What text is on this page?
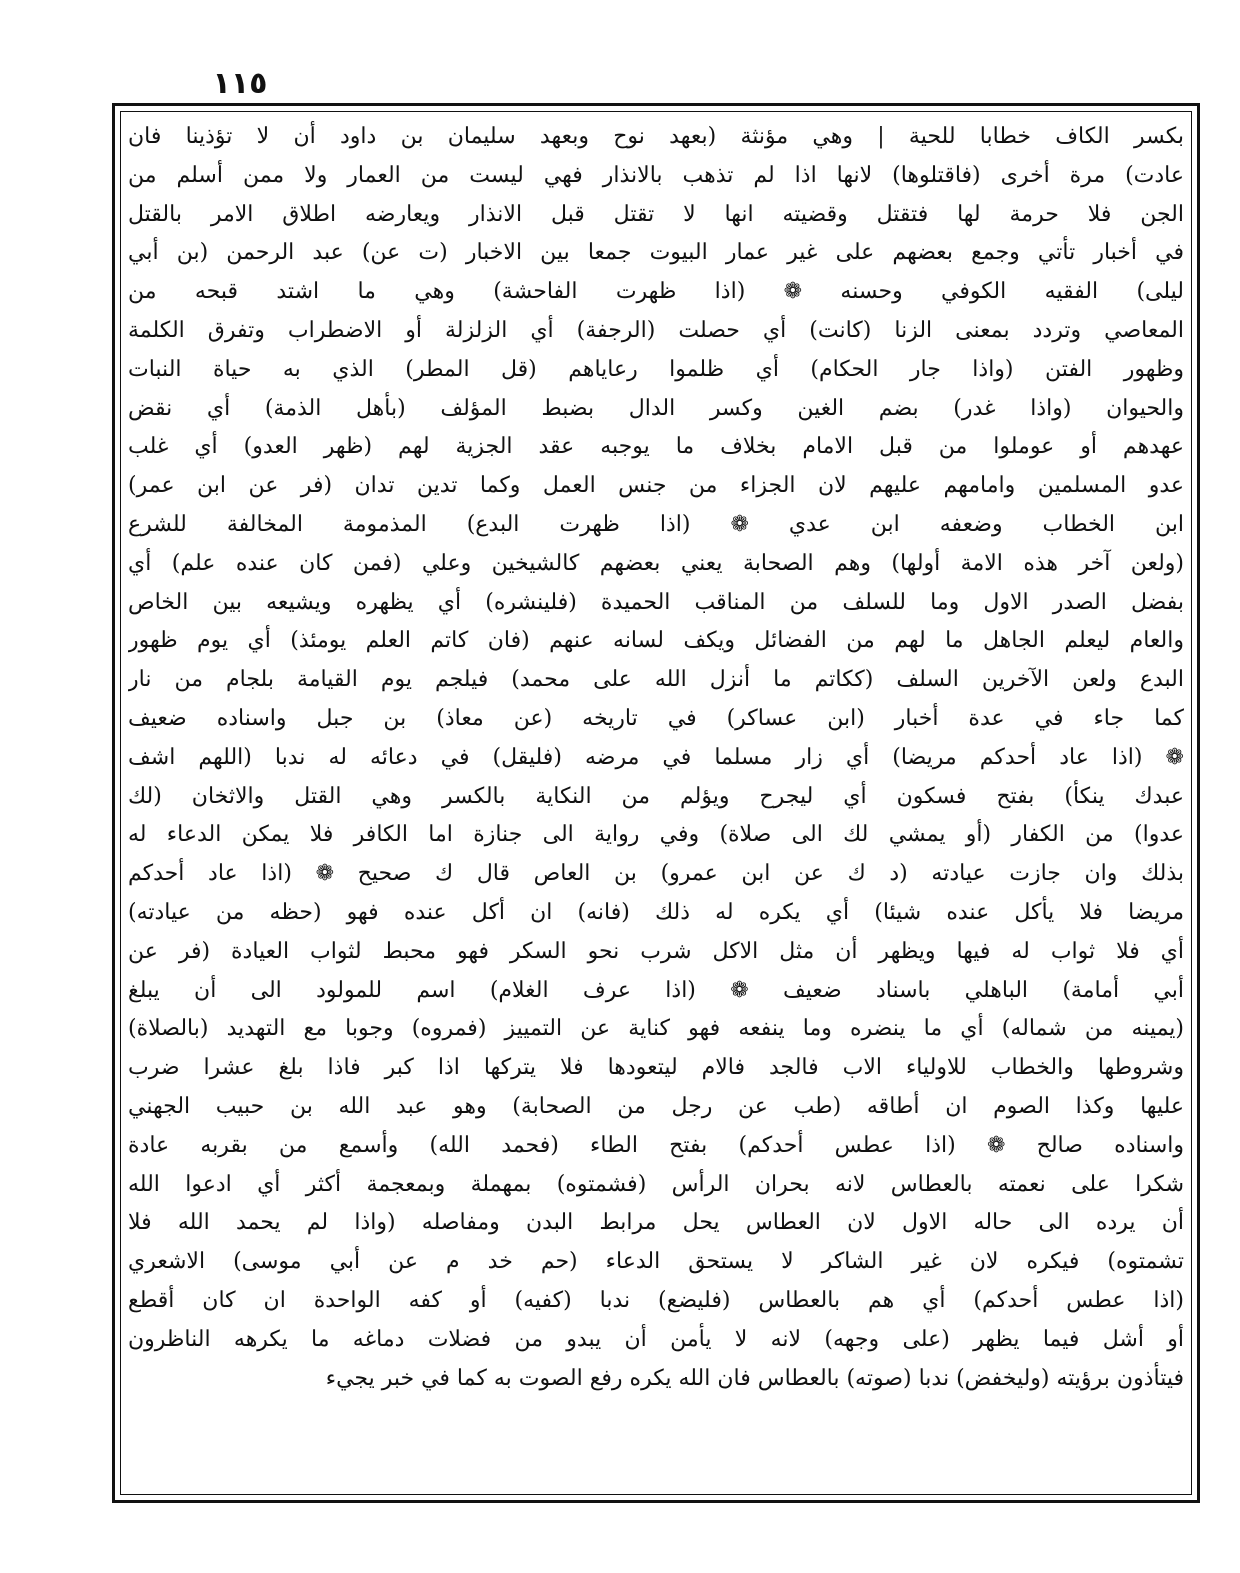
١١٥
بكسر الكاف خطابا للحية | وهي مؤنثة (بعهد نوح وبعهد سليمان بن داود أن لا تؤذينا فان
عادت) مرة أخرى (فاقتلوها) لانها اذا لم تذهب بالانذار فهي ليست من العمار ولا ممن أسلم من
الجن فلا حرمة لها فتقتل وقضيته انها لا تقتل قبل الانذار ويعارضه اطلاق الامر بالقتل
في أخبار تأتي وجمع بعضهم على غير عمار البيوت جمعا بين الاخبار (ت عن) عبد الرحمن (بن أبي
ليلى) الفقيه الكوفي وحسنه ❁ (اذا ظهرت الفاحشة) وهي ما اشتد قبحه من
المعاصي وتردد بمعنى الزنا (كانت) أي حصلت (الرجفة) أي الزلزلة أو الاضطراب وتفرق الكلمة
وظهور الفتن (واذا جار الحكام) أي ظلموا رعاياهم (قل المطر) الذي به حياة النبات
والحيوان (واذا غدر) بضم الغين وكسر الدال بضبط المؤلف (بأهل الذمة) أي نقض
عهدهم أو عوملوا من قبل الامام بخلاف ما يوجبه عقد الجزية لهم (ظهر العدو) أي غلب
عدو المسلمين وامامهم عليهم لان الجزاء من جنس العمل وكما تدين تدان (فر عن ابن عمر)
ابن الخطاب وضعفه ابن عدي ❁ (اذا ظهرت البدع) المذمومة المخالفة للشرع
(ولعن آخر هذه الامة أولها) وهم الصحابة يعني بعضهم كالشيخين وعلي (فمن كان عنده علم) أي
بفضل الصدر الاول وما للسلف من المناقب الحميدة (فلينشره) أي يظهره ويشيعه بين الخاص
والعام ليعلم الجاهل ما لهم من الفضائل ويكف لسانه عنهم (فان كاتم العلم يومئذ) أي يوم ظهور
البدع ولعن الآخرين السلف (ككاتم ما أنزل الله على محمد) فيلجم يوم القيامة بلجام من نار
كما جاء في عدة أخبار (ابن عساكر) في تاريخه (عن معاذ) بن جبل واسناده ضعيف
❁ (اذا عاد أحدكم مريضا) أي زار مسلما في مرضه (فليقل) في دعائه له ندبا (اللهم اشف
عبدك ينكأ) بفتح فسكون أي ليجرح ويؤلم من النكاية بالكسر وهي القتل والاثخان (لك
عدوا) من الكفار (أو يمشي لك الى صلاة) وفي رواية الى جنازة اما الكافر فلا يمكن الدعاء له
بذلك وان جازت عيادته (د ك عن ابن عمرو) بن العاص قال ك صحيح ❁ (اذا عاد أحدكم
مريضا فلا يأكل عنده شيئا) أي يكره له ذلك (فانه) ان أكل عنده فهو (حظه من عيادته)
أي فلا ثواب له فيها ويظهر أن مثل الاكل شرب نحو السكر فهو محبط لثواب العيادة (فر عن
أبي أمامة) الباهلي باسناد ضعيف ❁ (اذا عرف الغلام) اسم للمولود الى أن يبلغ
(يمينه من شماله) أي ما ينضره وما ينفعه فهو كناية عن التمييز (فمروه) وجوبا مع التهديد (بالصلاة)
وشروطها والخطاب للاولياء الاب فالجد فالام ليتعودها فلا يتركها اذا كبر فاذا بلغ عشرا ضرب
عليها وكذا الصوم ان أطاقه (طب عن رجل من الصحابة) وهو عبد الله بن حبيب الجهني
واسناده صالح ❁ (اذا عطس أحدكم) بفتح الطاء (فحمد الله) وأسمع من بقربه عادة
شكرا على نعمته بالعطاس لانه بحران الرأس (فشمتوه) بمهملة وبمعجمة أكثر أي ادعوا الله
أن يرده الى حاله الاول لان العطاس يحل مرابط البدن ومفاصله (واذا لم يحمد الله فلا
تشمتوه) فيكره لان غير الشاكر لا يستحق الدعاء (حم خد م عن أبي موسى) الاشعري
(اذا عطس أحدكم) أي هم بالعطاس (فليضع) ندبا (كفيه) أو كفه الواحدة ان كان أقطع
أو أشل فيما يظهر (على وجهه) لانه لا يأمن أن يبدو من فضلات دماغه ما يكرهه الناظرون
فيتأذون برؤيته (وليخفض) ندبا (صوته) بالعطاس فان الله يكره رفع الصوت به كما في خبر يجيء
